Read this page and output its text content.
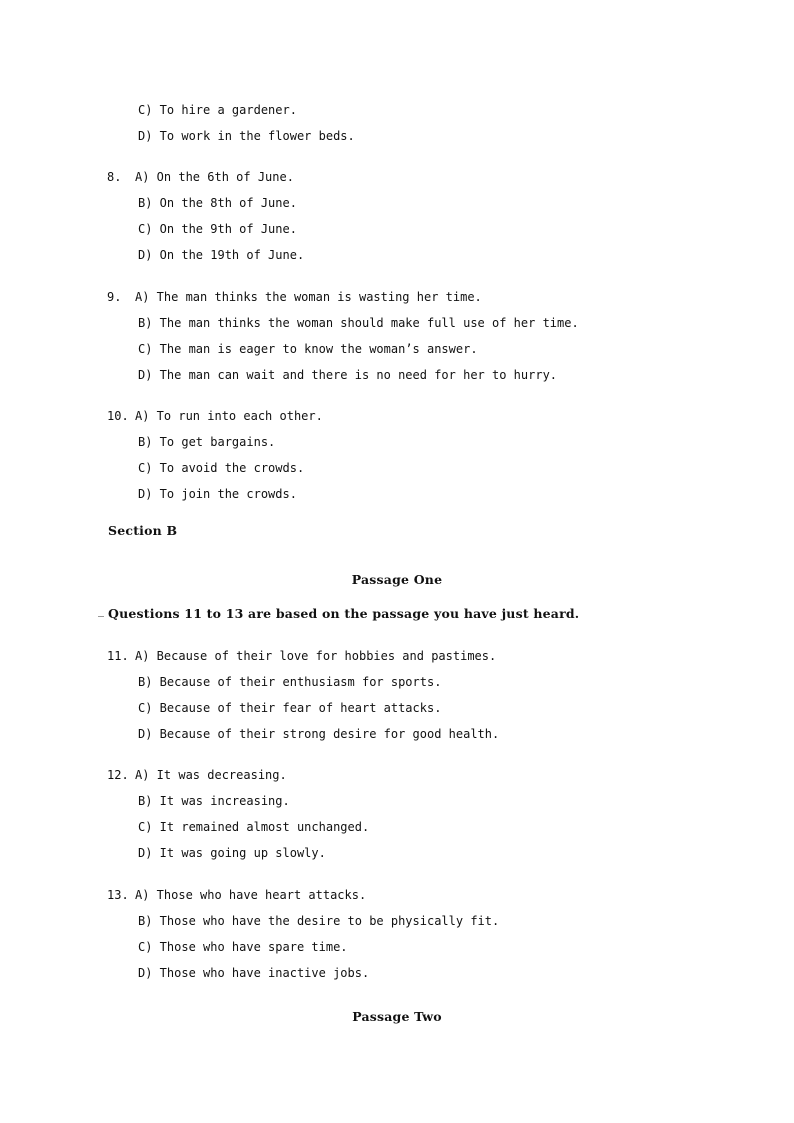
C) To hire a gardener.
D) To work in the flower beds.
8. A) On the 6th of June.
B) On the 8th of June.
C) On the 9th of June.
D) On the 19th of June.
9. A) The man thinks the woman is wasting her time.
B) The man thinks the woman should make full use of her time.
C) The man is eager to know the woman’s answer.
D) The man can wait and there is no need for her to hurry.
10. A) To run into each other.
B) To get bargains.
C) To avoid the crowds.
D) To join the crowds.
Section B
Passage One
Questions 11 to 13 are based on the passage you have just heard.
11. A) Because of their love for hobbies and pastimes.
B) Because of their enthusiasm for sports.
C) Because of their fear of heart attacks.
D) Because of their strong desire for good health.
12. A) It was decreasing.
B) It was increasing.
C) It remained almost unchanged.
D) It was going up slowly.
13. A) Those who have heart attacks.
B) Those who have the desire to be physically fit.
C) Those who have spare time.
D) Those who have inactive jobs.
Passage Two
